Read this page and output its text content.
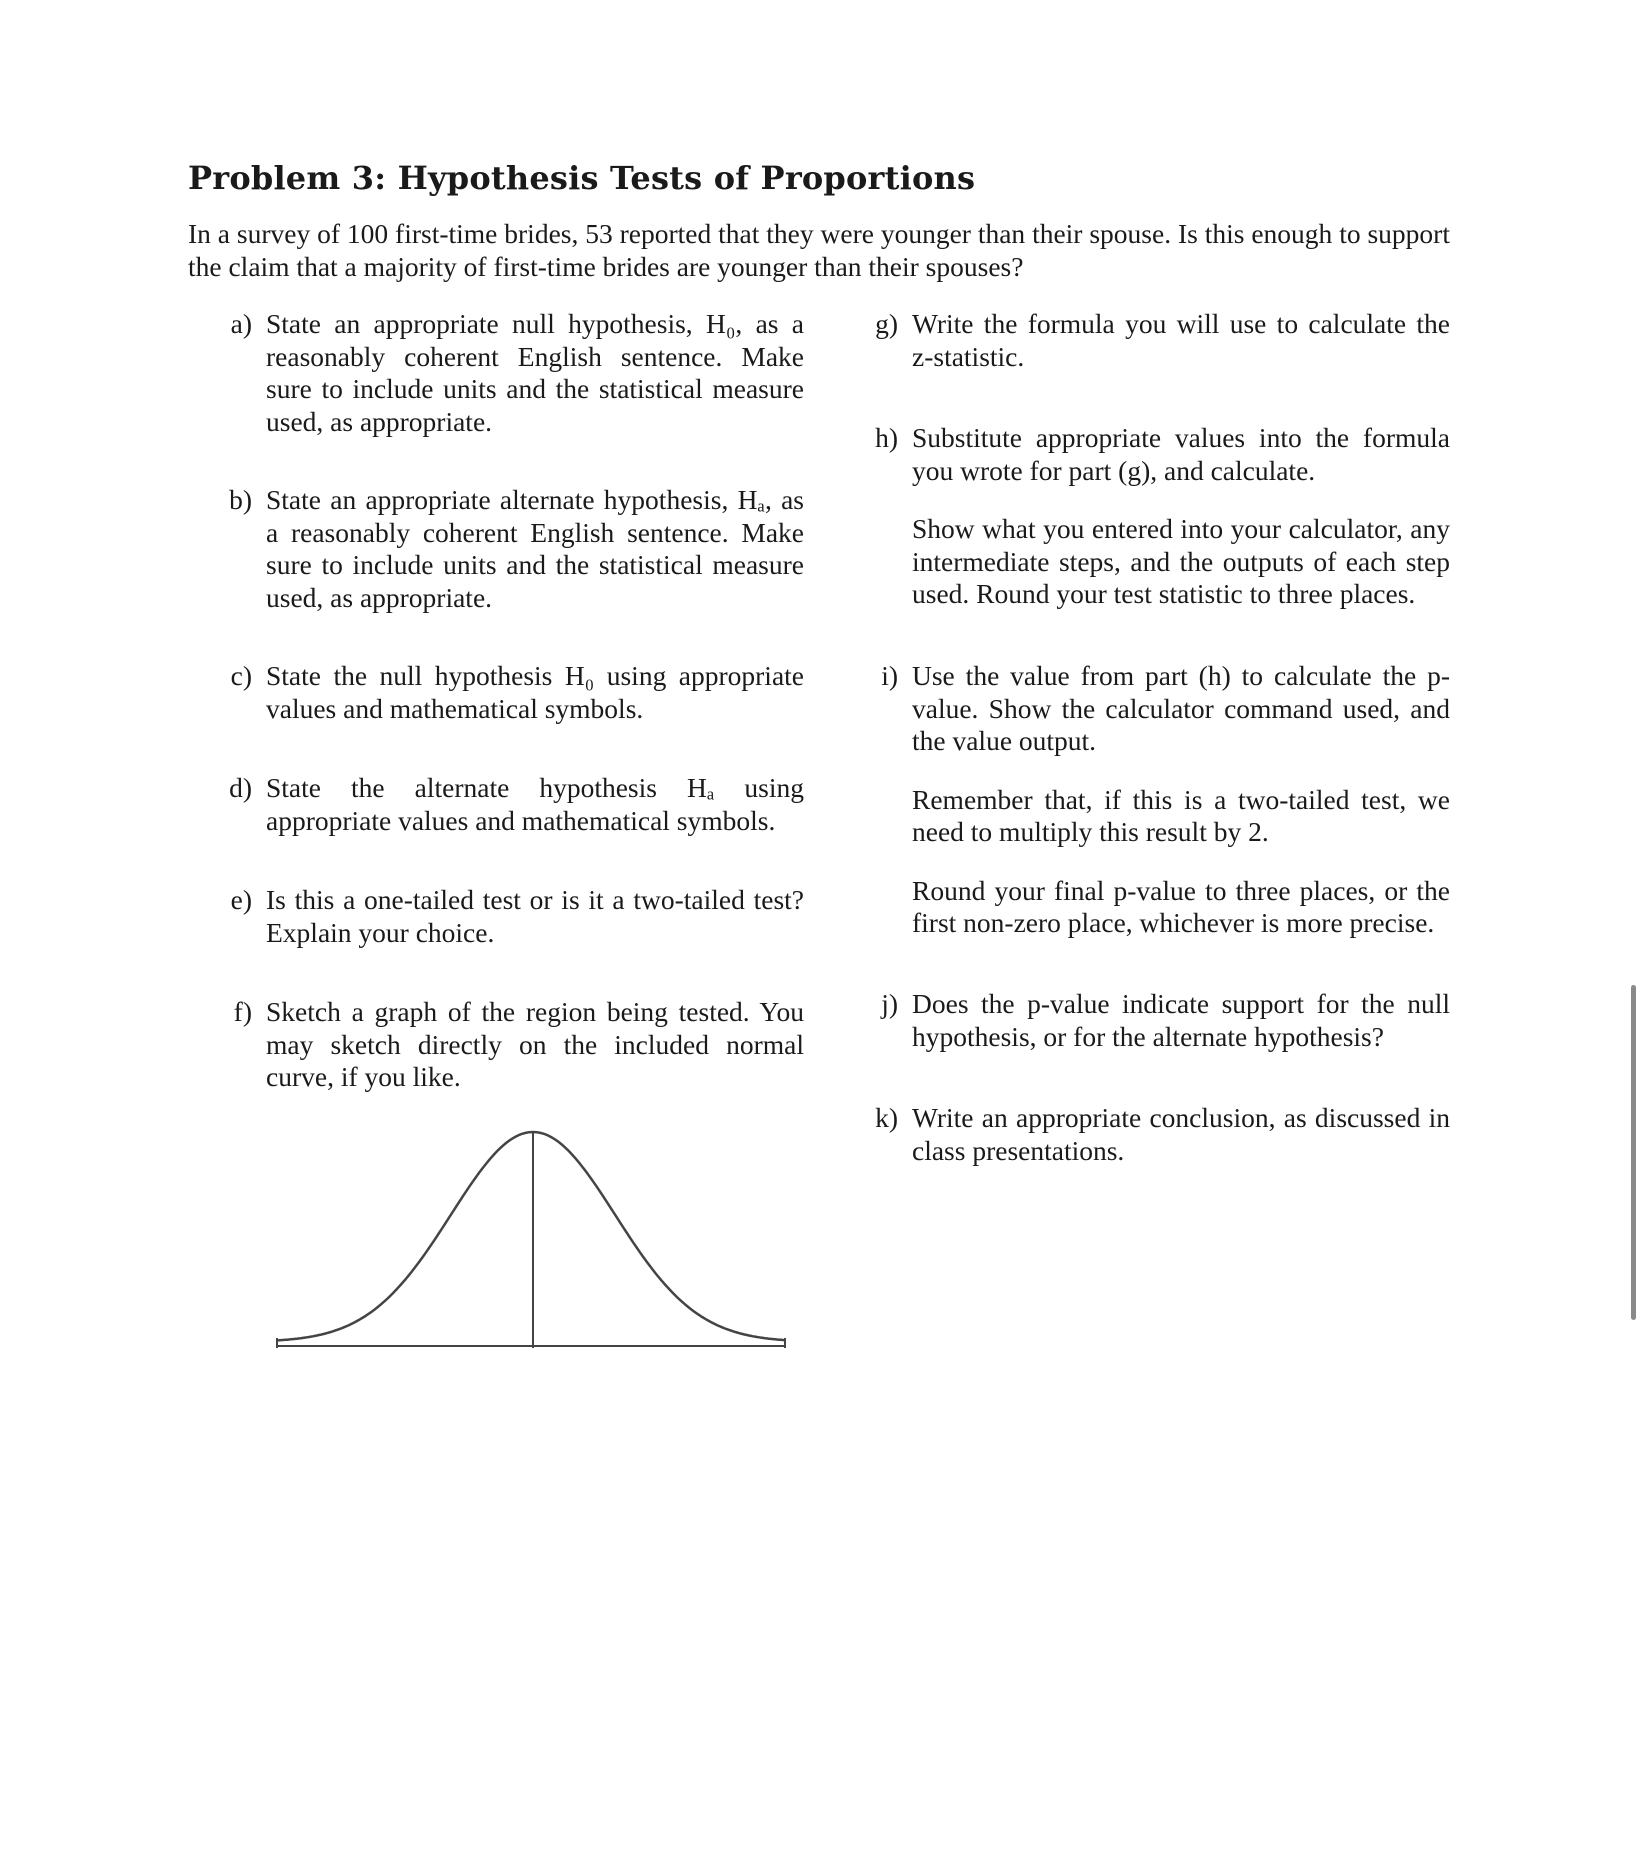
Problem 3: Hypothesis Tests of Proportions

In a survey of 100 first-time brides, 53 reported that they were younger than their spouse. Is this enough to support the claim that a majority of first-time brides are younger than their spouses?

a) State an appropriate null hypothesis, H₀, as a reasonably coherent English sentence. Make sure to include units and the statistical measure used, as appropriate.
b) State an appropriate alternate hypothesis, Hₐ, as a reasonably coherent English sentence. Make sure to include units and the statistical measure used, as appropriate.
c) State the null hypothesis H₀ using appropriate values and mathematical symbols.
d) State the alternate hypothesis Hₐ using appropriate values and mathematical symbols.
e) Is this a one-tailed test or is it a two-tailed test? Explain your choice.
f) Sketch a graph of the region being tested. You may sketch directly on the included normal curve, if you like.
g) Write the formula you will use to calculate the z-statistic.

h) Substitute appropriate values into the formula you wrote for part (g), and calculate.

Show what you entered into your calculator, any intermediate steps, and the outputs of each step used. Round your test statistic to three places.

i) Use the value from part (h) to calculate the p-value. Show the calculator command used, and the value output.

Remember that, if this is a two-tailed test, we need to multiply this result by 2.

Round your final p-value to three places, or the first non-zero place, whichever is more precise.

j) Does the p-value indicate support for the null hypothesis, or for the alternate hypothesis?

k) Write an appropriate conclusion, as discussed in class presentations.
